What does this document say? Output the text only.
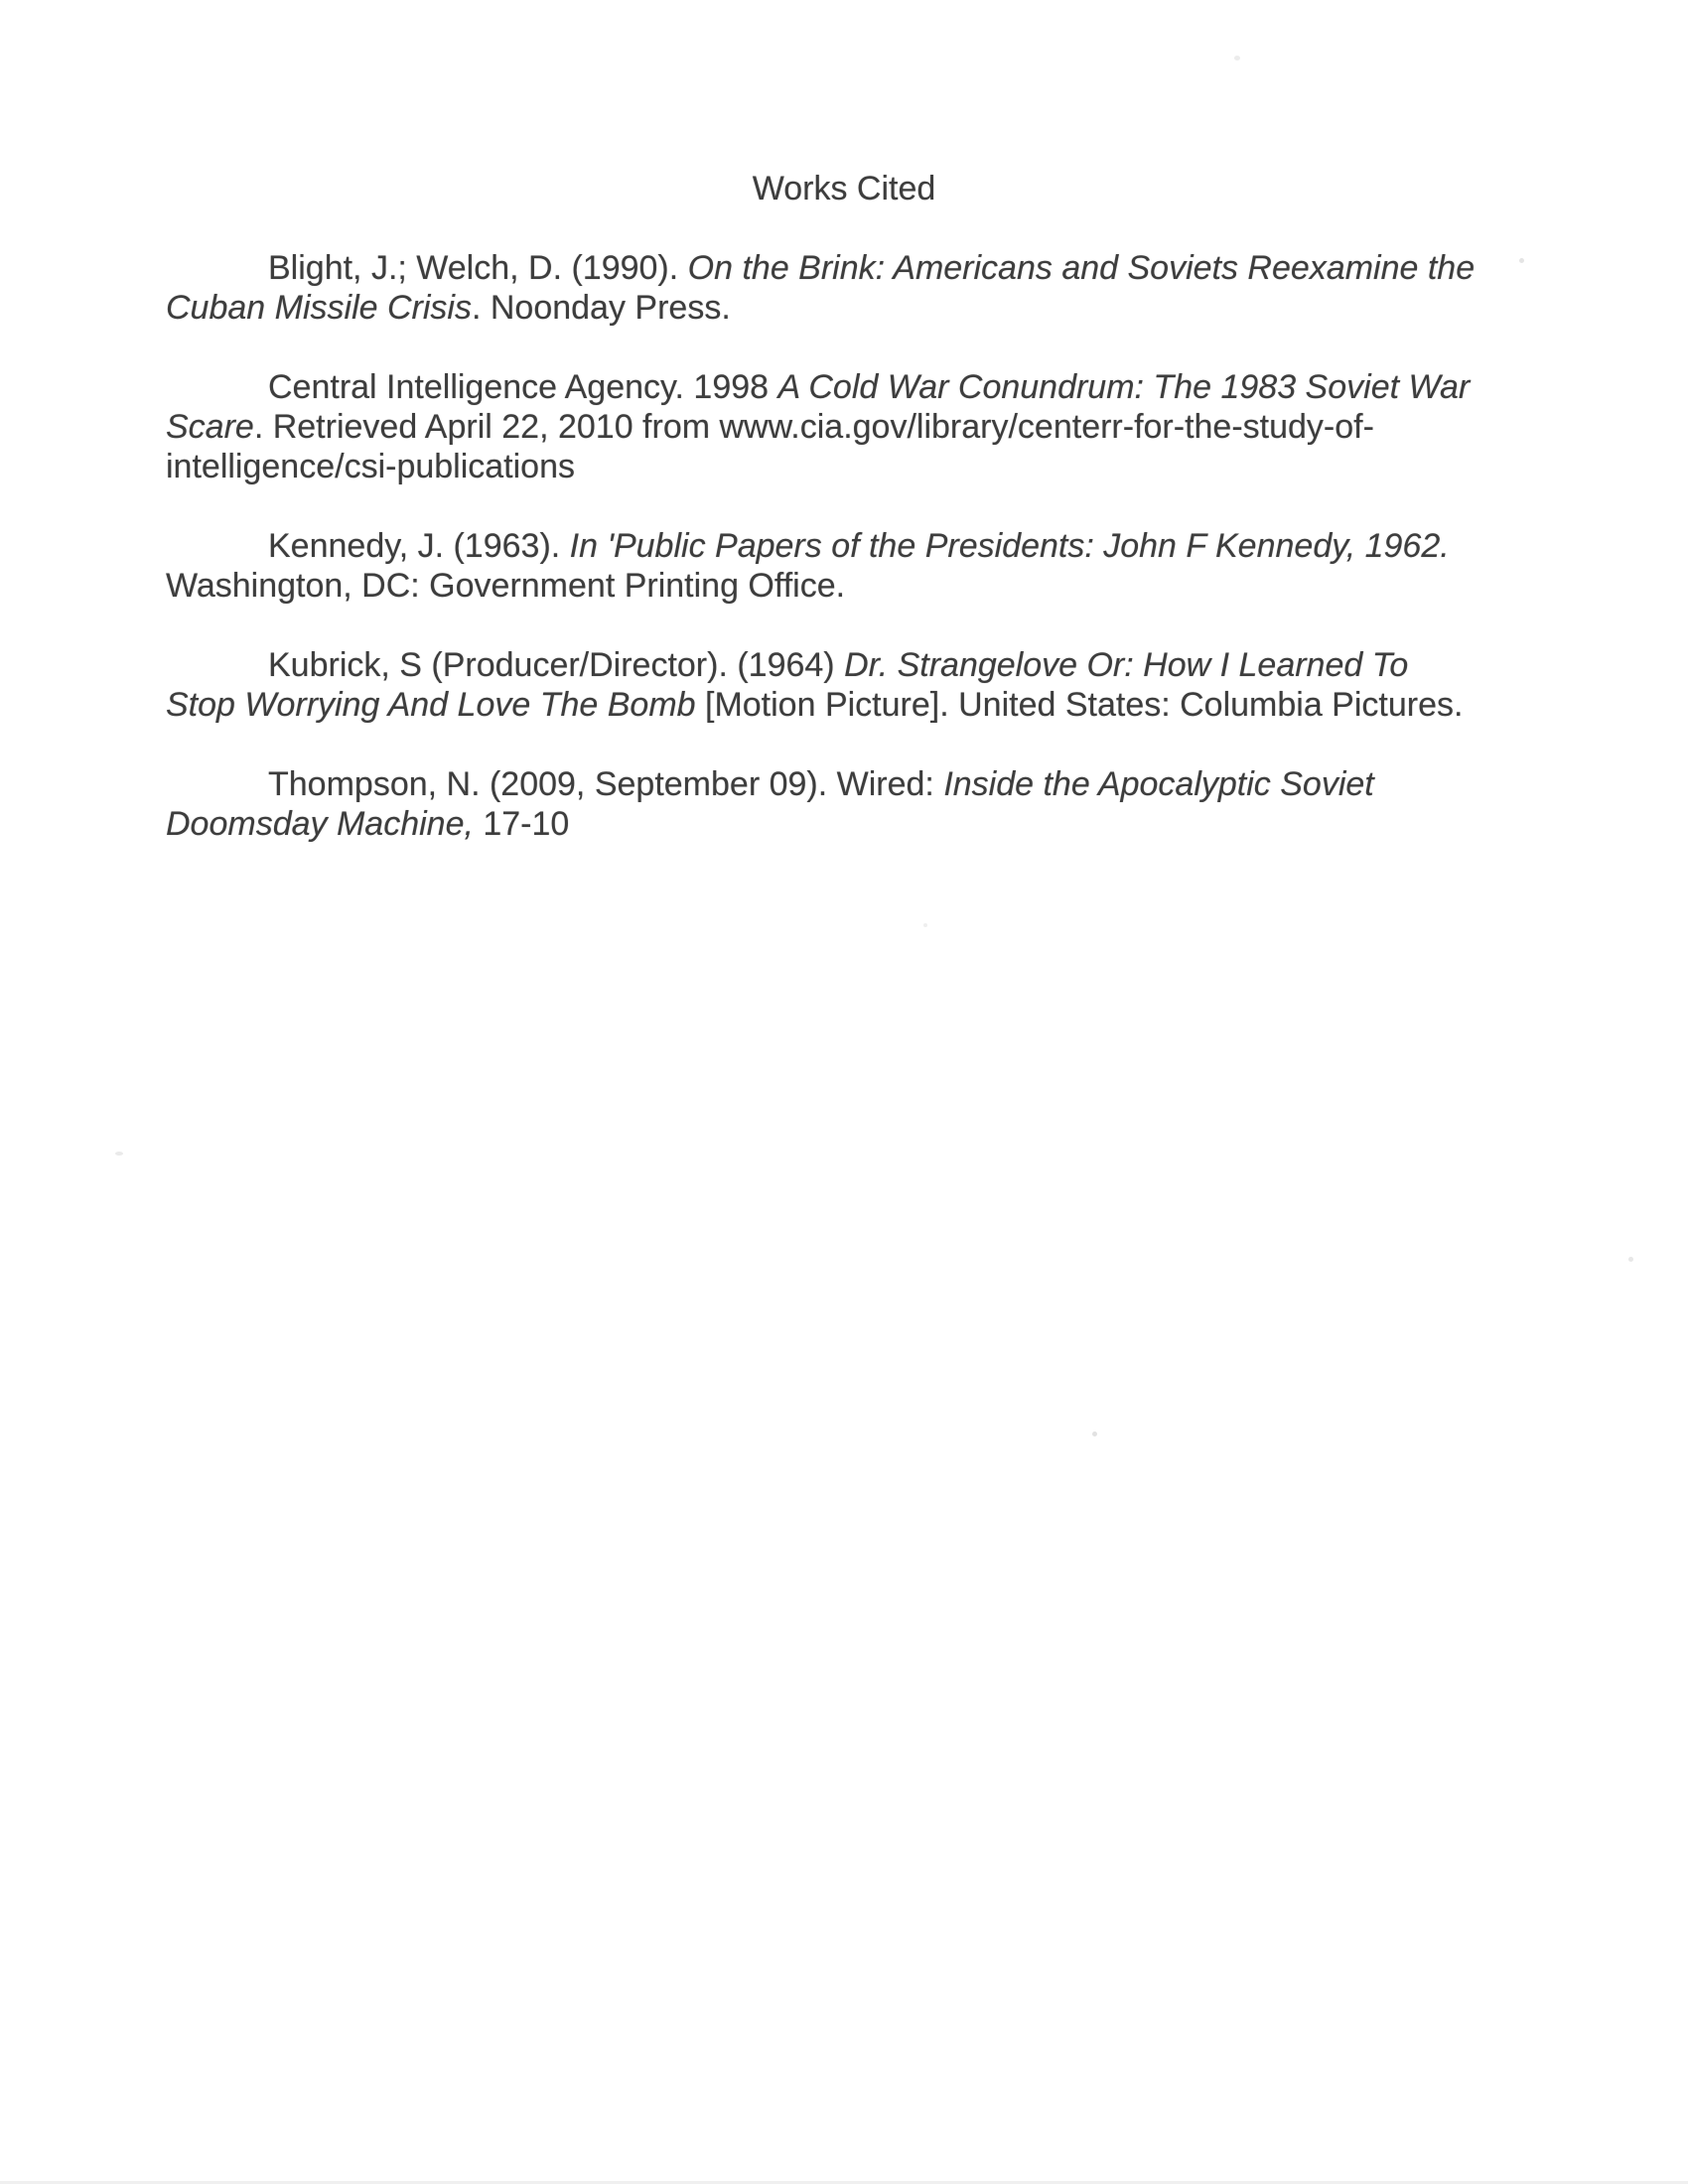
Works Cited
Blight, J.; Welch, D. (1990). On the Brink: Americans and Soviets Reexamine the
Cuban Missile Crisis. Noonday Press.
Central Intelligence Agency. 1998 A Cold War Conundrum: The 1983 Soviet War
Scare. Retrieved April 22, 2010 from www.cia.gov/library/centerr-for-the-study-of-
intelligence/csi-publications
Kennedy, J. (1963). In 'Public Papers of the Presidents: John F Kennedy, 1962.
Washington, DC: Government Printing Office.
Kubrick, S (Producer/Director). (1964) Dr. Strangelove Or: How I Learned To
Stop Worrying And Love The Bomb [Motion Picture]. United States: Columbia Pictures.
Thompson, N. (2009, September 09). Wired: Inside the Apocalyptic Soviet
Doomsday Machine, 17-10
